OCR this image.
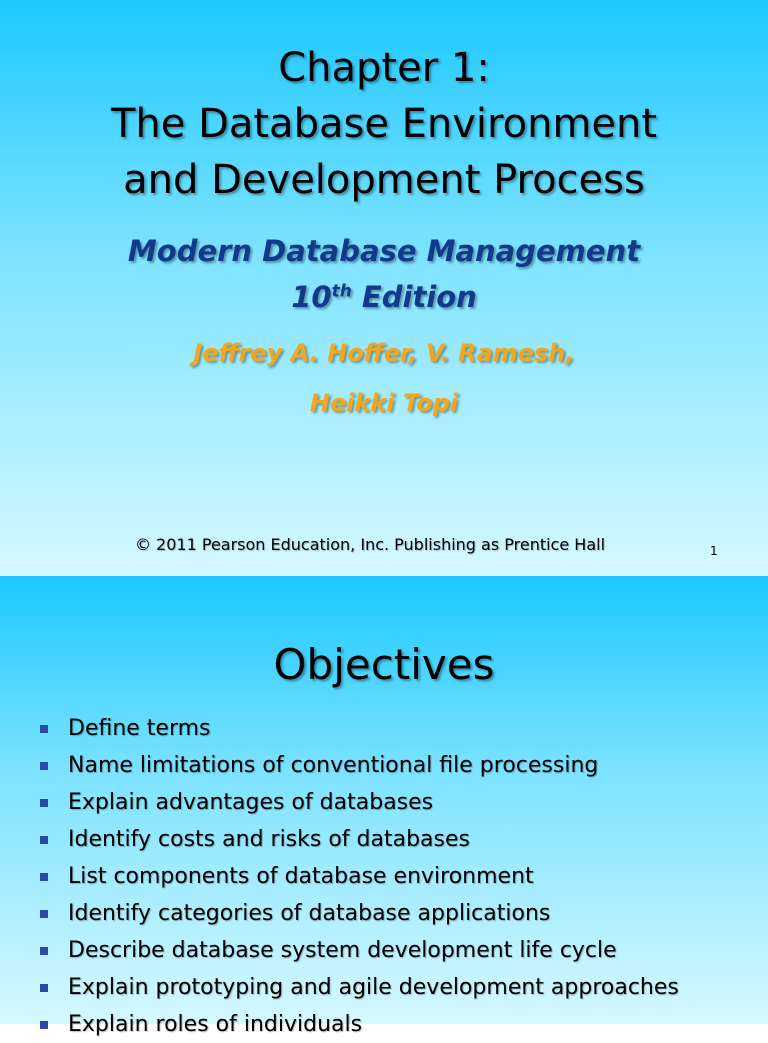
Chapter 1:
The Database Environment
and Development Process
Modern Database Management
10th Edition
Jeffrey A. Hoffer, V. Ramesh,
Heikki Topi
© 2011 Pearson Education, Inc. Publishing as Prentice Hall	1
Objectives
Define terms
Name limitations of conventional file processing
Explain advantages of databases
Identify costs and risks of databases
List components of database environment
Identify categories of database applications
Describe database system development life cycle
Explain prototyping and agile development approaches
Explain roles of individuals
